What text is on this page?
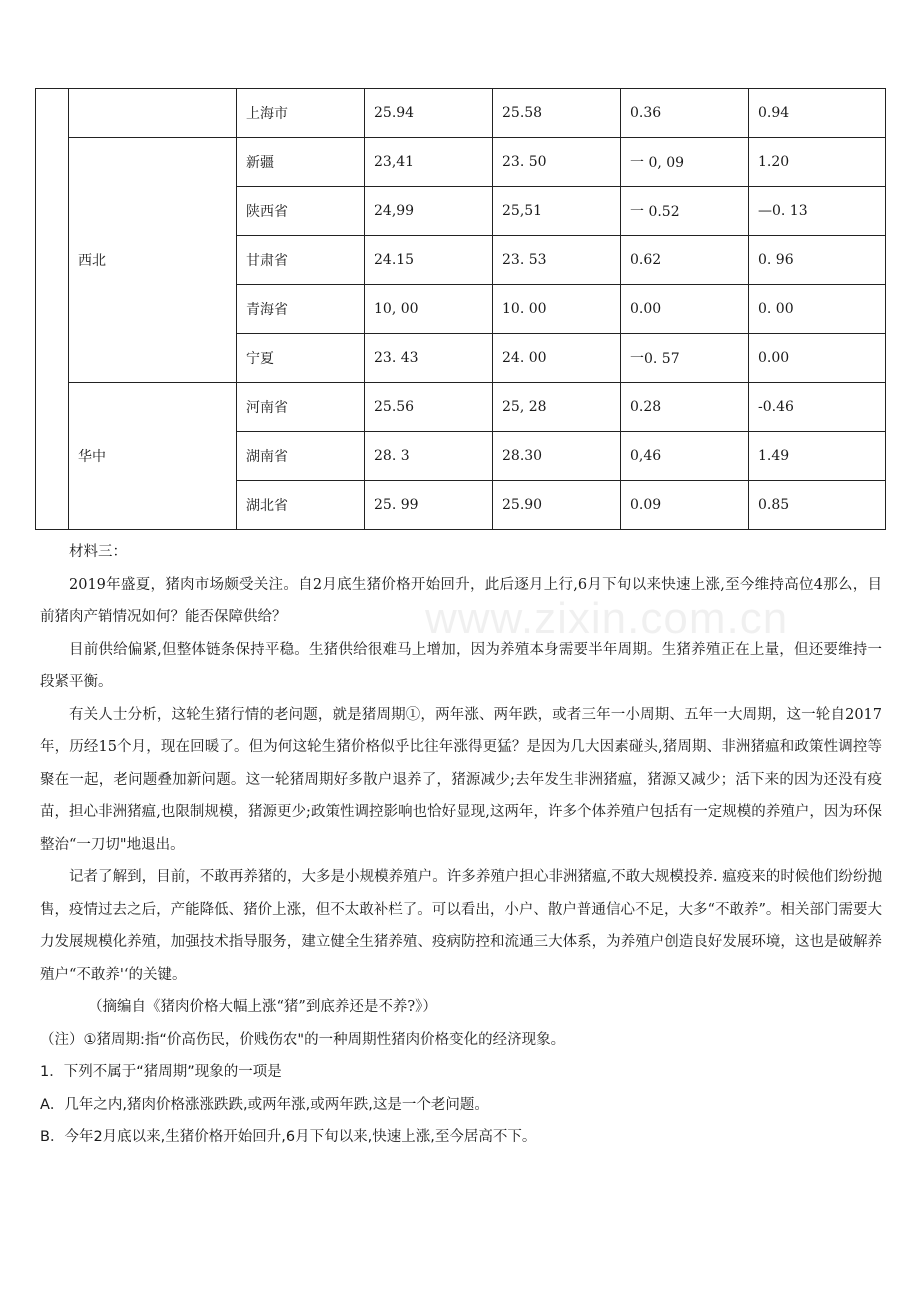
		上海市	25.94	25.58	0.36	0.94
	西北	新疆	23,41	23. 50	一 0, 09	1.20
		陕西省	24,99	25,51	一 0.52	—0. 13
		甘肃省	24.15	23. 53	0.62	0. 96
		青海省	10, 00	10. 00	0.00	0. 00
		宁夏	23. 43	24. 00	一0. 57	0.00
	华中	河南省	25.56	25, 28	0.28	-0.46
		湖南省	28. 3	28.30	0,46	1.49
		湖北省	25. 99	25.90	0.09	0.85
www.zixin.com.cn

材料三：

2019年盛夏，猪肉市场颇受关注。自2月底生猪价格开始回升，此后逐月上行,6月下旬以来快速上涨,至今维持高位4那么，目前猪肉产销情况如何？能否保障供给？

目前供给偏紧,但整体链条保持平稳。生猪供给很难马上增加，因为养殖本身需要半年周期。生猪养殖正在上量，但还要维持一段紧平衡。

有关人士分析，这轮生猪行情的老问题，就是猪周期①，两年涨、两年跌，或者三年一小周期、五年一大周期，这一轮自2017年，历经15个月，现在回暖了。但为何这轮生猪价格似乎比往年涨得更猛？是因为几大因素碰头,猪周期、非洲猪瘟和政策性调控等聚在一起，老问题叠加新问题。这一轮猪周期好多散户退养了，猪源减少;去年发生非洲猪瘟，猪源又减少；活下来的因为还没有疫苗，担心非洲猪瘟,也限制规模，猪源更少;政策性调控影响也恰好显现,这两年，许多个体养殖户包括有一定规模的养殖户，因为环保整治“一刀切"地退出。

记者了解到，目前，不敢再养猪的，大多是小规模养殖户。许多养殖户担心非洲猪瘟,不敢大规模投养. 瘟疫来的时候他们纷纷抛售，疫情过去之后，产能降低、猪价上涨，但不太敢补栏了。可以看出，小户、散户普通信心不足，大多“不敢养”。相关部门需要大力发展规模化养殖，加强技术指导服务，建立健全生猪养殖、疫病防控和流通三大体系，为养殖户创造良好发展环境，这也是破解养殖户“不敢养'‘的关键。

（摘编自《猪肉价格大幅上涨“猪”到底养还是不养?》）

（注）①猪周期:指“价高伤民，价贱伤农"的一种周期性猪肉价格变化的经济现象。

1．下列不属于“猪周期”现象的一项是

A．几年之内,猪肉价格涨涨跌跌,或两年涨,或两年跌,这是一个老问题。

B．今年2月底以来,生猪价格开始回升,6月下旬以来,快速上涨,至今居高不下。
